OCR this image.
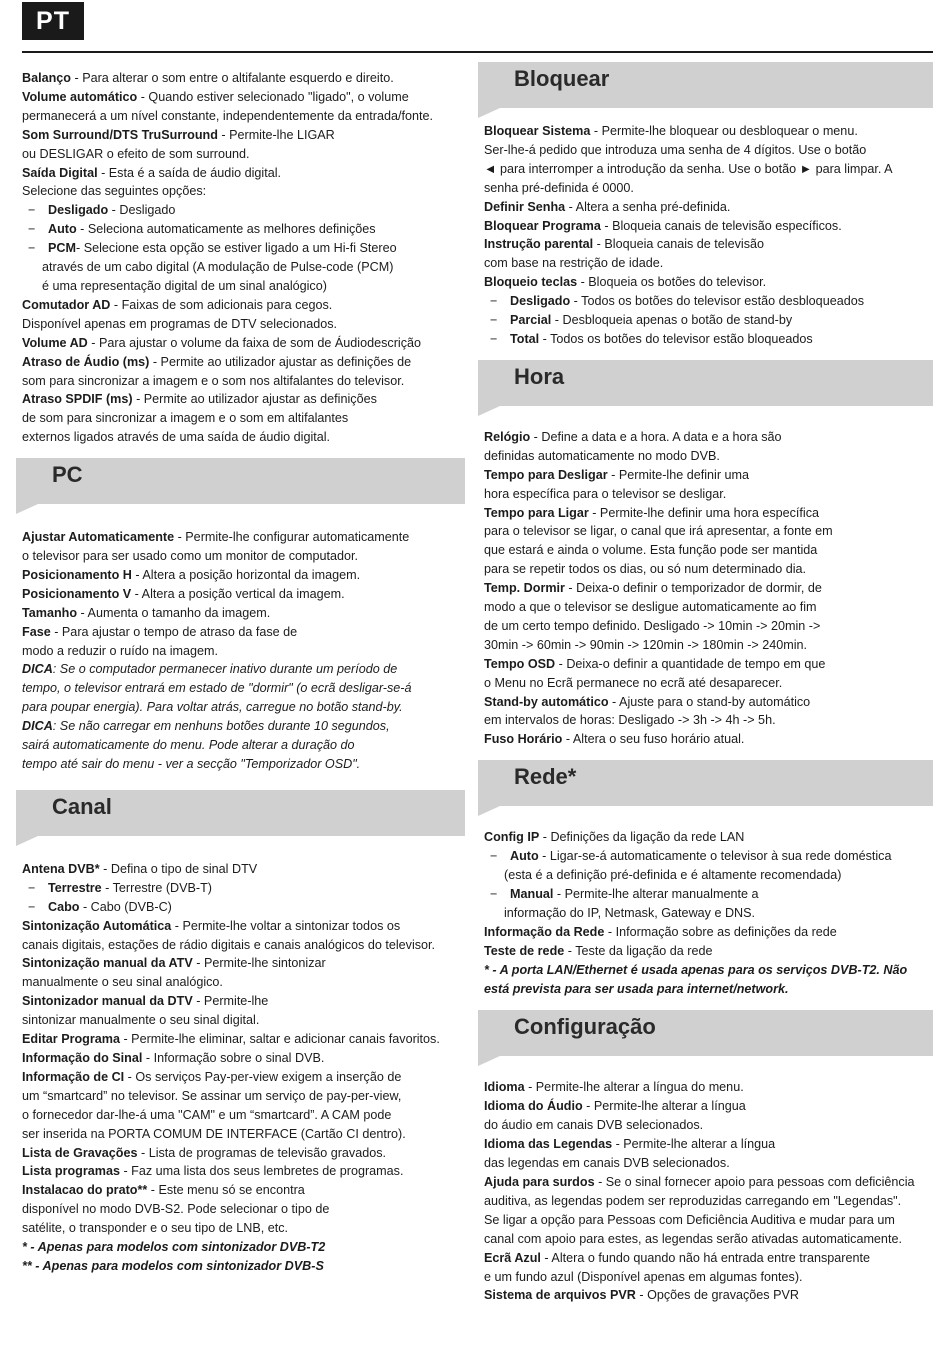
PT
Balanço - Para alterar o som entre o altifalante esquerdo e direito.
Volume automático - Quando estiver selecionado "ligado", o volume
permanecerá a um nível constante, independentemente da entrada/fonte.
Som Surround/DTS TruSurround - Permite-lhe LIGAR
ou DESLIGAR o efeito de som surround.
Saída Digital - Esta é a saída de áudio digital.
Selecione das seguintes opções:
− Desligado - Desligado
− Auto - Seleciona automaticamente as melhores definições
− PCM- Selecione esta opção se estiver ligado a um Hi-fi Stereo
através de um cabo digital (A modulação de Pulse-code (PCM)
é uma representação digital de um sinal analógico)
Comutador AD - Faixas de som adicionais para cegos.
Disponível apenas em programas de DTV selecionados.
Volume AD - Para ajustar o volume da faixa de som de Áudiodescrição
Atraso de Áudio (ms) - Permite ao utilizador ajustar as definições de
som para sincronizar a imagem e o som nos altifalantes do televisor.
Atraso SPDIF (ms) - Permite ao utilizador ajustar as definições
de som para sincronizar a imagem e o som em altifalantes
externos ligados através de uma saída de áudio digital.
PC
Ajustar Automaticamente - Permite-lhe configurar automaticamente
o televisor para ser usado como um monitor de computador.
Posicionamento H - Altera a posição horizontal da imagem.
Posicionamento V - Altera a posição vertical da imagem.
Tamanho - Aumenta o tamanho da imagem.
Fase - Para ajustar o tempo de atraso da fase de
modo a reduzir o ruído na imagem.
DICA: Se o computador permanecer inativo durante um período de
tempo, o televisor entrará em estado de "dormir" (o ecrã desligar-se-á
para poupar energia). Para voltar atrás, carregue no botão stand-by.
DICA: Se não carregar em nenhuns botões durante 10 segundos,
sairá automaticamente do menu. Pode alterar a duração do
tempo até sair do menu - ver a secção "Temporizador OSD".
Canal
Antena DVB* - Defina o tipo de sinal DTV
− Terrestre - Terrestre (DVB-T)
− Cabo - Cabo (DVB-C)
Sintonização Automática - Permite-lhe voltar a sintonizar todos os
canais digitais, estações de rádio digitais e canais analógicos do televisor.
Sintonização manual da ATV - Permite-lhe sintonizar
manualmente o seu sinal analógico.
Sintonizador manual da DTV - Permite-lhe
sintonizar manualmente o seu sinal digital.
Editar Programa - Permite-lhe eliminar, saltar e adicionar canais favoritos.
Informação do Sinal - Informação sobre o sinal DVB.
Informação de CI - Os serviços Pay-per-view exigem a inserção de
um “smartcard” no televisor. Se assinar um serviço de pay-per-view,
o fornecedor dar-lhe-á uma "CAM" e um “smartcard”. A CAM pode
ser inserida na PORTA COMUM DE INTERFACE (Cartão CI dentro).
Lista de Gravações - Lista de programas de televisão gravados.
Lista programas - Faz uma lista dos seus lembretes de programas.
Instalacao do prato** - Este menu só se encontra
disponível no modo DVB-S2. Pode selecionar o tipo de
satélite, o transponder e o seu tipo de LNB, etc.
* - Apenas para modelos com sintonizador DVB-T2
** - Apenas para modelos com sintonizador DVB-S
Bloquear
Bloquear Sistema - Permite-lhe bloquear ou desbloquear o menu.
Ser-lhe-á pedido que introduza uma senha de 4 dígitos. Use o botão
◄ para interromper a introdução da senha. Use o botão ► para limpar. A
senha pré-definida é 0000.
Definir Senha - Altera a senha pré-definida.
Bloquear Programa - Bloqueia canais de televisão específicos.
Instrução parental - Bloqueia canais de televisão
com base na restrição de idade.
Bloqueio teclas - Bloqueia os botões do televisor.
− Desligado - Todos os botões do televisor estão desbloqueados
− Parcial - Desbloqueia apenas o botão de stand-by
− Total - Todos os botões do televisor estão bloqueados
Hora
Relógio - Define a data e a hora. A data e a hora são
definidas automaticamente no modo DVB.
Tempo para Desligar - Permite-lhe definir uma
hora específica para o televisor se desligar.
Tempo para Ligar - Permite-lhe definir uma hora específica
para o televisor se ligar, o canal que irá apresentar, a fonte em
que estará e ainda o volume. Esta função pode ser mantida
para se repetir todos os dias, ou só num determinado dia.
Temp. Dormir - Deixa-o definir o temporizador de dormir, de
modo a que o televisor se desligue automaticamente ao fim
de um certo tempo definido. Desligado -> 10min -> 20min ->
30min -> 60min -> 90min -> 120min -> 180min -> 240min.
Tempo OSD - Deixa-o definir a quantidade de tempo em que
o Menu no Ecrã permanece no ecrã até desaparecer.
Stand-by automático - Ajuste para o stand-by automático
em intervalos de horas: Desligado -> 3h -> 4h -> 5h.
Fuso Horário - Altera o seu fuso horário atual.
Rede*
Config IP - Definições da ligação da rede LAN
− Auto - Ligar-se-á automaticamente o televisor à sua rede doméstica
(esta é a definição pré-definida e é altamente recomendada)
− Manual - Permite-lhe alterar manualmente a
informação do IP, Netmask, Gateway e DNS.
Informação da Rede - Informação sobre as definições da rede
Teste de rede - Teste da ligação da rede
* - A porta LAN/Ethernet é usada apenas para os serviços DVB-T2. Não
está prevista para ser usada para internet/network.
Configuração
Idioma - Permite-lhe alterar a língua do menu.
Idioma do Áudio - Permite-lhe alterar a língua
do áudio em canais DVB selecionados.
Idioma das Legendas - Permite-lhe alterar a língua
das legendas em canais DVB selecionados.
Ajuda para surdos - Se o sinal fornecer apoio para pessoas com deficiência
auditiva, as legendas podem ser reproduzidas carregando em "Legendas".
Se ligar a opção para Pessoas com Deficiência Auditiva e mudar para um
canal com apoio para estes, as legendas serão ativadas automaticamente.
Ecrã Azul - Altera o fundo quando não há entrada entre transparente
e um fundo azul (Disponível apenas em algumas fontes).
Sistema de arquivos PVR - Opções de gravações PVR
